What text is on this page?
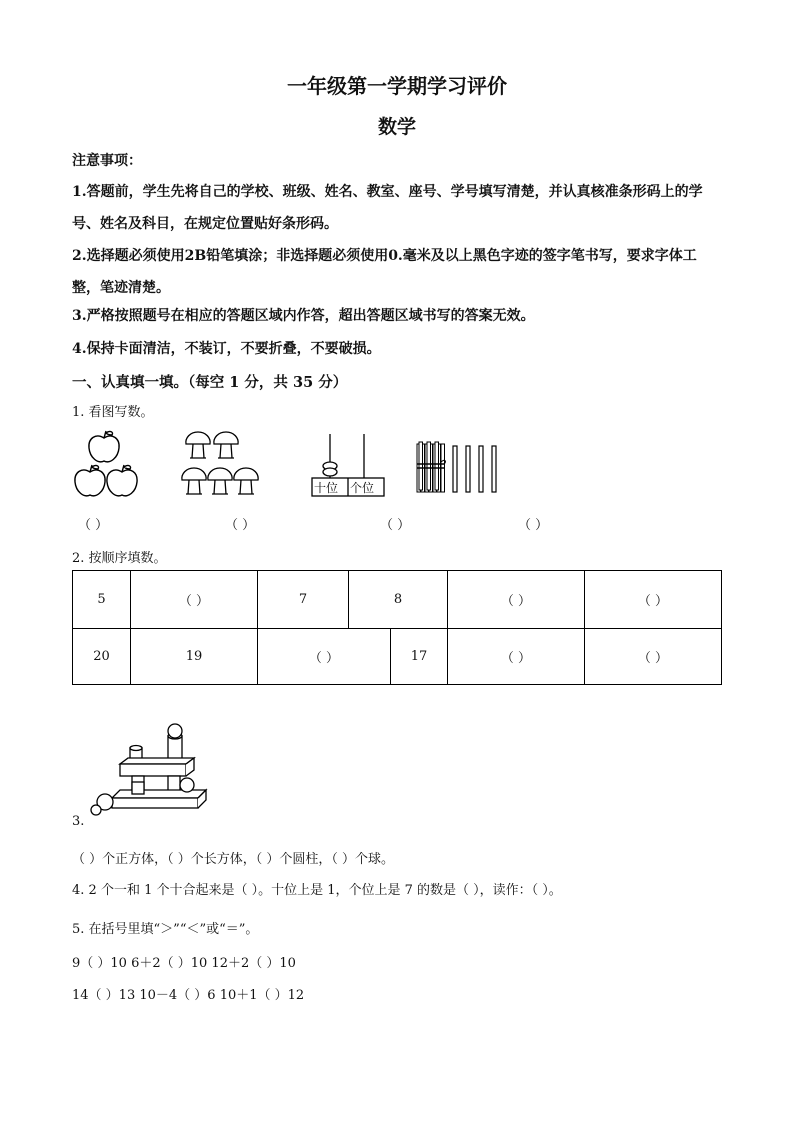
一年级第一学期学习评价
数学
注意事项：
1.答题前，学生先将自己的学校、班级、姓名、教室、座号、学号填写清楚，并认真核准条形码上的学号、姓名及科目，在规定位置贴好条形码。
2.选择题必须使用2B铅笔填涂；非选择题必须使用0.毫米及以上黑色字迹的签字笔书写，要求字体工整，笔迹清楚。
3.严格按照题号在相应的答题区域内作答，超出答题区域书写的答案无效。
4.保持卡面清洁，不装订，不要折叠，不要破损。
一、认真填一填。（每空 1 分，共 35 分）
1. 看图写数。
十位 个位
（ ）	（ ）	（ ）	（ ）
2. 按顺序填数。
5	（ ）	7	8		（ ）	（ ）
20	19	（ ）		17	（ ）	（ ）
3.
（ ）个正方体，（ ）个长方体，（ ）个圆柱，（ ）个球。
4. 2 个一和 1 个十合起来是（ ）。十位上是 1，个位上是 7 的数是（ ），读作：（ ）。
5. 在括号里填“＞”“＜”或“＝”。
9（ ）10 6＋2（ ）10 12＋2（ ）10
14（ ）13 10－4（ ）6 10＋1（ ）12
